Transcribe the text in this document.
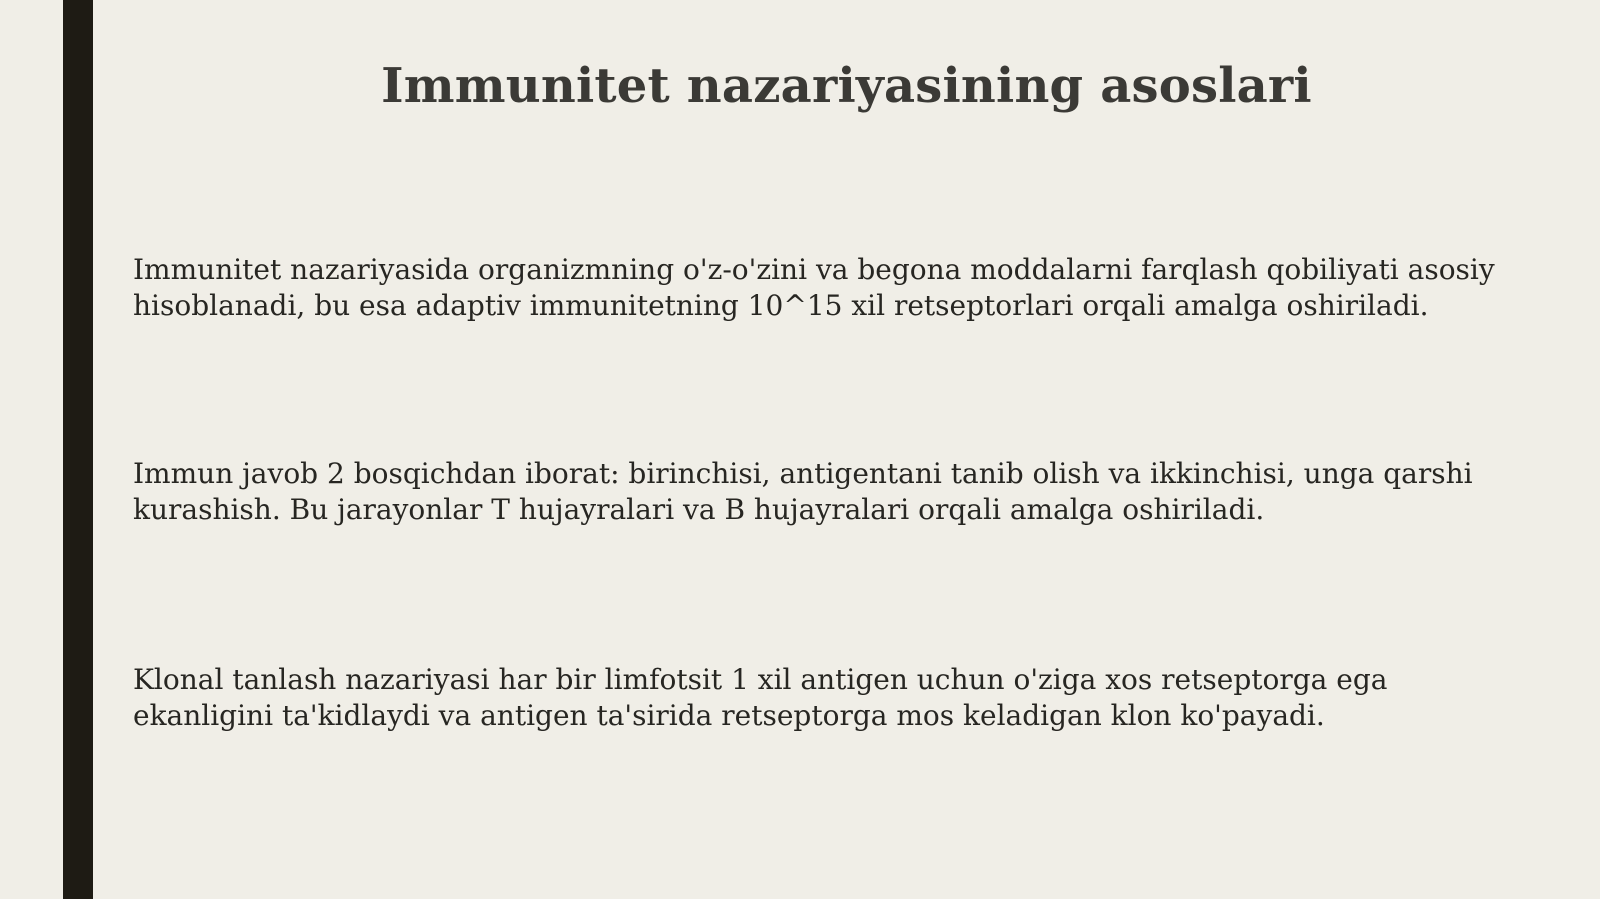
Immunitet nazariyasining asoslari

Immunitet nazariyasida organizmning o'z-o'zini va begona moddalarni farqlash qobiliyati asosiy hisoblanadi, bu esa adaptiv immunitetning 10^15 xil retseptorlari orqali amalga oshiriladi.

Immun javob 2 bosqichdan iborat: birinchisi, antigentani tanib olish va ikkinchisi, unga qarshi kurashish. Bu jarayonlar T hujayralari va B hujayralari orqali amalga oshiriladi.

Klonal tanlash nazariyasi har bir limfotsit 1 xil antigen uchun o'ziga xos retseptorga ega ekanligini ta'kidlaydi va antigen ta'sirida retseptorga mos keladigan klon ko'payadi.
